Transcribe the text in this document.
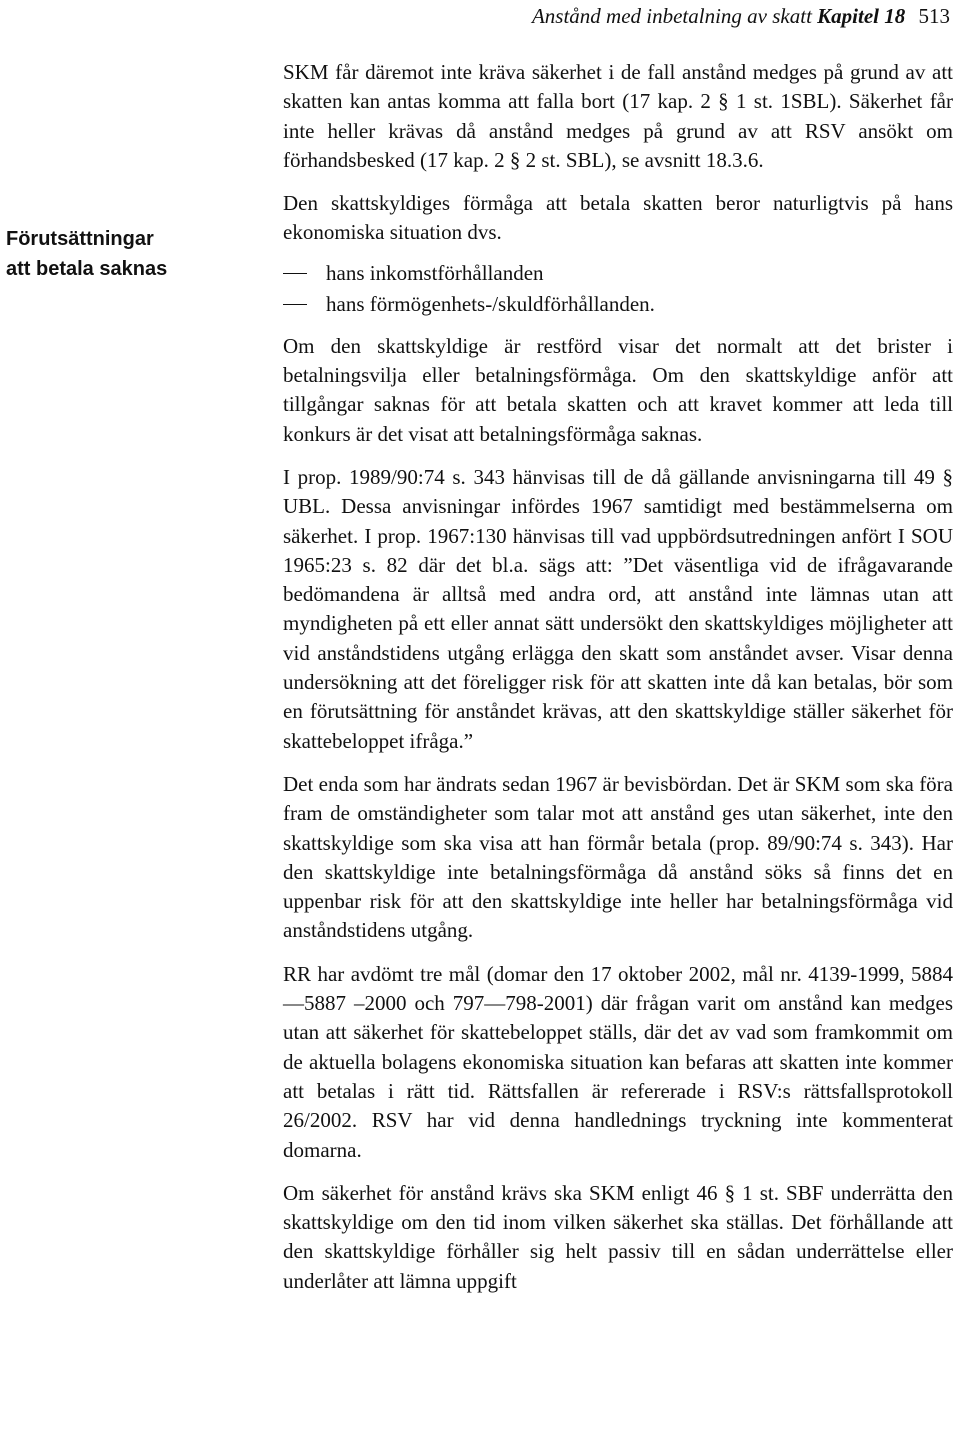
Anstånd med inbetalning av skatt Kapitel 18 513
Förutsättningar
att betala saknas

SKM får däremot inte kräva säkerhet i de fall anstånd medges på grund av att skatten kan antas komma att falla bort (17 kap. 2 § 1 st. 1SBL). Säkerhet får inte heller krävas då anstånd medges på grund av att RSV ansökt om förhandsbesked (17 kap. 2 § 2 st. SBL), se avsnitt 18.3.6.

Den skattskyldiges förmåga att betala skatten beror naturligtvis på hans ekonomiska situation dvs.

hans inkomstförhållanden
hans förmögenhets-/skuldförhållanden.

Om den skattskyldige är restförd visar det normalt att det brister i betalningsvilja eller betalningsförmåga. Om den skattskyldige anför att tillgångar saknas för att betala skatten och att kravet kommer att leda till konkurs är det visat att betalningsförmåga saknas.

I prop. 1989/90:74 s. 343 hänvisas till de då gällande anvisningarna till 49 § UBL. Dessa anvisningar infördes 1967 samtidigt med bestämmelserna om säkerhet. I prop. 1967:130 hänvisas till vad uppbördsutredningen anfört I SOU 1965:23 s. 82 där det bl.a. sägs att: ”Det väsentliga vid de ifrågavarande bedömandena är alltså med andra ord, att anstånd inte lämnas utan att myndigheten på ett eller annat sätt undersökt den skattskyldiges möjligheter att vid anståndstidens utgång erlägga den skatt som anståndet avser. Visar denna undersökning att det föreligger risk för att skatten inte då kan betalas, bör som en förutsättning för anståndet krävas, att den skattskyldige ställer säkerhet för skattebeloppet ifråga.”

Det enda som har ändrats sedan 1967 är bevisbördan. Det är SKM som ska föra fram de omständigheter som talar mot att anstånd ges utan säkerhet, inte den skattskyldige som ska visa att han förmår betala (prop. 89/90:74 s. 343). Har den skattskyldige inte betalningsförmåga då anstånd söks så finns det en uppenbar risk för att den skattskyldige inte heller har betalningsförmåga vid anståndstidens utgång.

RR har avdömt tre mål (domar den 17 oktober 2002, mål nr. 4139-1999, 5884—5887 –2000 och 797—798-2001) där frågan varit om anstånd kan medges utan att säkerhet för skattebeloppet ställs, där det av vad som framkommit om de aktuella bolagens ekonomiska situation kan befaras att skatten inte kommer att betalas i rätt tid. Rättsfallen är refererade i RSV:s rättsfallsprotokoll 26/2002. RSV har vid denna handlednings tryckning inte kommenterat domarna.

Om säkerhet för anstånd krävs ska SKM enligt 46 § 1 st. SBF underrätta den skattskyldige om den tid inom vilken säkerhet ska ställas. Det förhållande att den skattskyldige förhåller sig helt passiv till en sådan underrättelse eller underlåter att lämna uppgift
